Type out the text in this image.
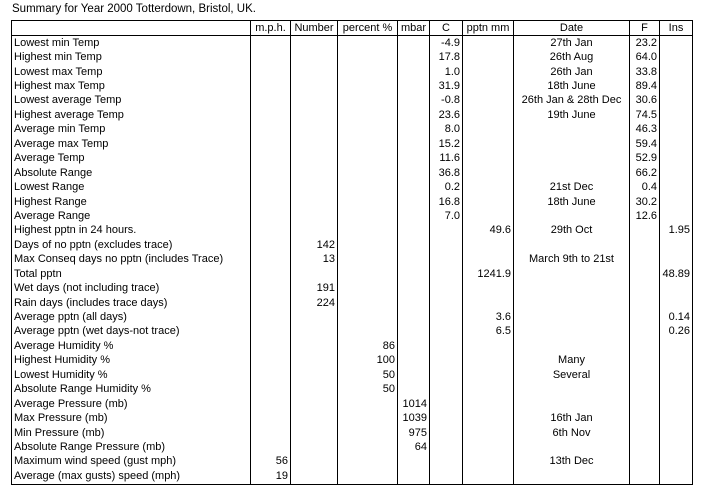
Summary for Year 2000 Totterdown, Bristol, UK.
	m.p.h.	Number	percent %	mbar	C	pptn mm	Date	F	Ins
Lowest min Temp					-4.9		27th Jan	23.2	
Highest min Temp					17.8		26th Aug	64.0	
Lowest max Temp					1.0		26th Jan	33.8	
Highest max Temp					31.9		18th June	89.4	
Lowest average Temp					-0.8		26th Jan & 28th Dec	30.6	
Highest average Temp					23.6		19th June	74.5	
Average min Temp					8.0			46.3	
Average max Temp					15.2			59.4	
Average Temp					11.6			52.9	
Absolute Range					36.8			66.2	
Lowest Range					0.2		21st Dec	0.4	
Highest Range					16.8		18th June	30.2	
Average Range					7.0			12.6	
Highest pptn in 24 hours.						49.6	29th Oct		1.95
Days of no pptn (excludes trace)		142							
Max Conseq days no pptn (includes Trace)		13					March 9th to 21st		
Total pptn						1241.9			48.89
Wet days (not including trace)		191							
Rain days (includes trace days)		224							
Average pptn (all days)						3.6			0.14
Average pptn (wet days-not trace)						6.5			0.26
Average Humidity %			86						
Highest Humidity %			100				Many		
Lowest Humidity %			50				Several		
Absolute Range Humidity %			50						
Average Pressure (mb)				1014					
Max Pressure (mb)				1039			16th Jan		
Min Pressure (mb)				975			6th Nov		
Absolute Range Pressure (mb)				64					
Maximum wind speed (gust mph)	56						13th Dec		
Average (max gusts) speed (mph)	19								
